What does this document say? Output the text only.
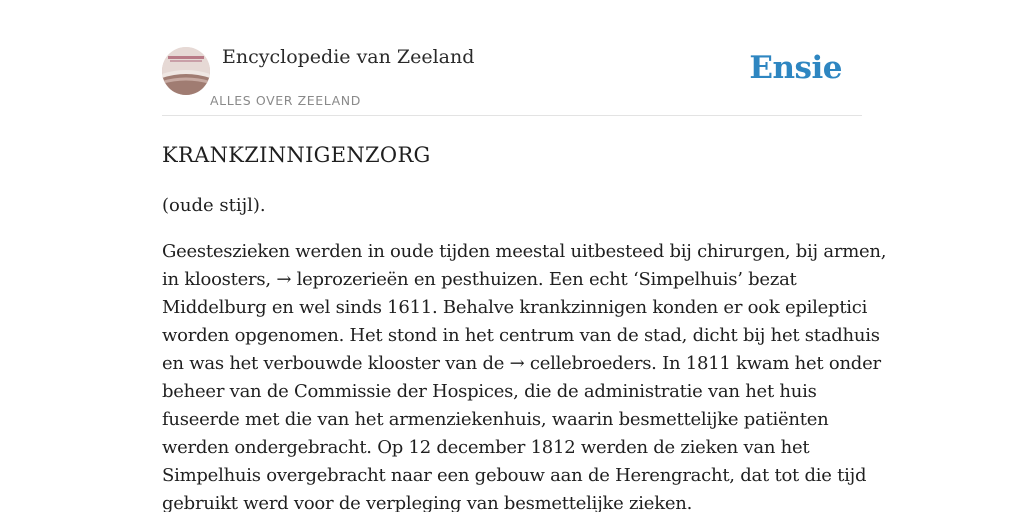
Encyclopedie van Zeeland
ALLES OVER ZEELAND
Ensie
KRANKZINNIGENZORG

(oude stijl).

Geesteszieken werden in oude tijden meestal uitbesteed bij chirurgen, bij armen,
in kloosters, → leprozerieën en pesthuizen. Een echt ‘Simpelhuis’ bezat
Middelburg en wel sinds 1611. Behalve krankzinnigen konden er ook epileptici
worden opgenomen. Het stond in het centrum van de stad, dicht bij het stadhuis
en was het verbouwde klooster van de → cellebroeders. In 1811 kwam het onder
beheer van de Commissie der Hospices, die de administratie van het huis
fuseerde met die van het armenziekenhuis, waarin besmettelijke patiënten
werden ondergebracht. Op 12 december 1812 werden de zieken van het
Simpelhuis overgebracht naar een gebouw aan de Herengracht, dat tot die tijd
gebruikt werd voor de verpleging van besmettelijke zieken.
